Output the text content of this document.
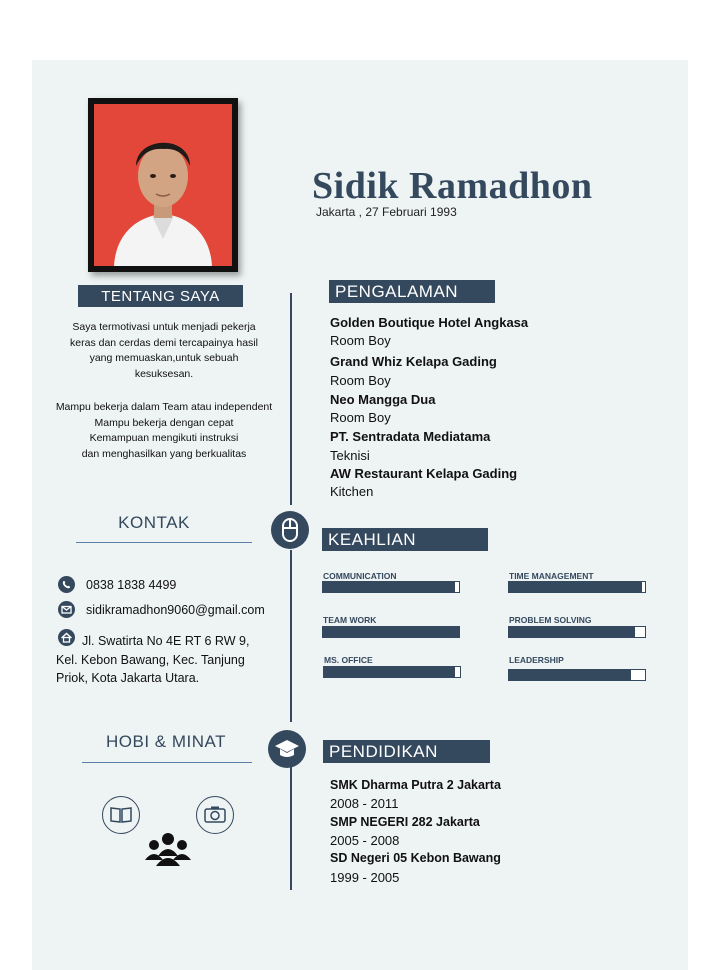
Sidik Ramadhon
Jakarta , 27 Februari 1993
TENTANG SAYA
Saya termotivasi untuk menjadi pekerja
keras dan cerdas demi tercapainya hasil
yang memuaskan,untuk sebuah
kesuksesan.
Mampu bekerja dalam Team atau independent
Mampu bekerja dengan cepat
Kemampuan mengikuti instruksi
dan menghasilkan yang berkualitas
KONTAK
0838 1838 4499
sidikramadhon9060@gmail.com
Jl. Swatirta No 4E RT 6 RW 9,
Kel. Kebon Bawang, Kec. Tanjung
Priok, Kota Jakarta Utara.
HOBI & MINAT
PENGALAMAN
Golden Boutique Hotel Angkasa
Room Boy
Grand Whiz Kelapa Gading
Room Boy
Neo Mangga Dua
Room Boy
PT. Sentradata Mediatama
Teknisi
AW Restaurant Kelapa Gading
Kitchen
KEAHLIAN
COMMUNICATION	TIME MANAGEMENT
TEAM WORK	PROBLEM SOLVING
MS. OFFICE	LEADERSHIP
PENDIDIKAN
SMK Dharma Putra 2 Jakarta
2008 - 2011
SMP NEGERI 282 Jakarta
2005 - 2008
SD Negeri 05 Kebon Bawang
1999 - 2005
